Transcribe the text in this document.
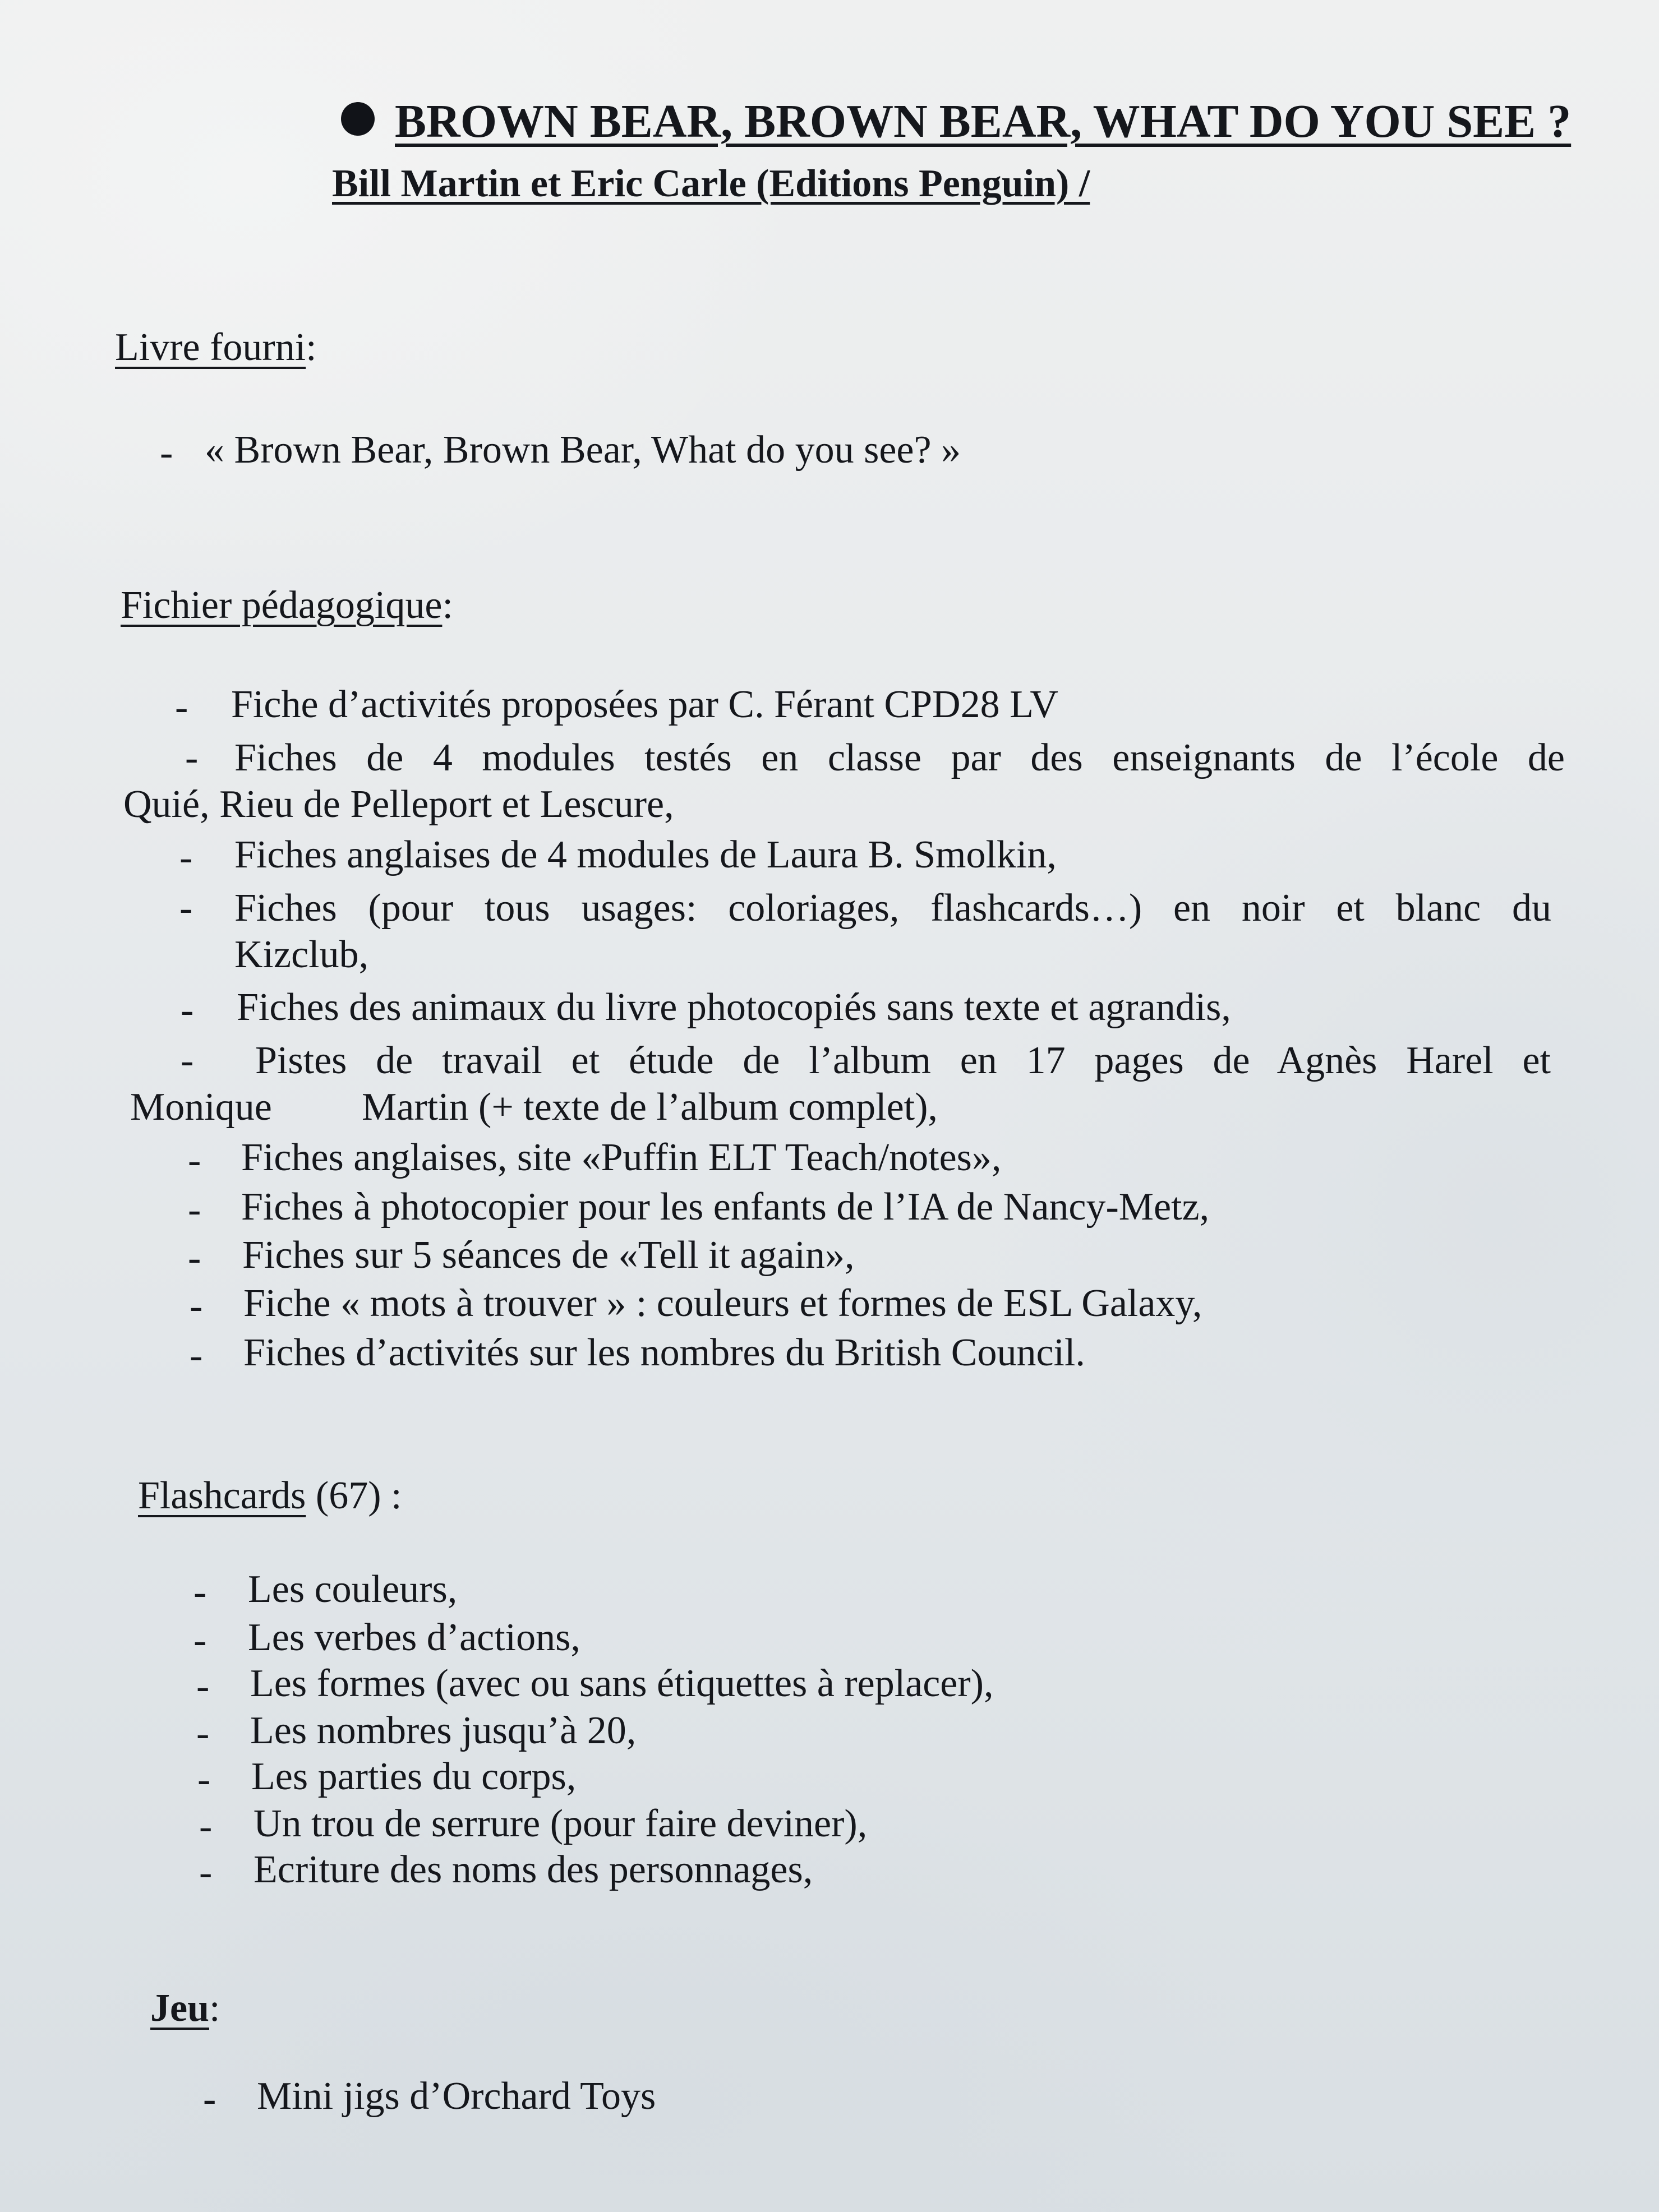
BROWN BEAR, BROWN BEAR, WHAT DO YOU SEE ?
Bill Martin et Eric Carle (Editions Penguin) /
Livre fourni:
- « Brown Bear, Brown Bear, What do you see? »
Fichier pédagogique:
- Fiche d’activités proposées par C. Férant CPD28 LV
- Fiches de 4 modules testés en classe par des enseignants de l’école de
Quié, Rieu de Pelleport et Lescure,
- Fiches anglaises de 4 modules de Laura B. Smolkin,
- Fiches (pour tous usages: coloriages, flashcards…) en noir et blanc du
Kizclub,
- Fiches des animaux du livre photocopiés sans texte et agrandis,
- Pistes de travail et étude de l’album en 17 pages de Agnès Harel et
Monique Martin (+ texte de l’album complet),
- Fiches anglaises, site «Puffin ELT Teach/notes»,
- Fiches à photocopier pour les enfants de l’IA de Nancy-Metz,
- Fiches sur 5 séances de «Tell it again»,
- Fiche « mots à trouver » : couleurs et formes de ESL Galaxy,
- Fiches d’activités sur les nombres du British Council.
Flashcards (67) :
- Les couleurs,
- Les verbes d’actions,
- Les formes (avec ou sans étiquettes à replacer),
- Les nombres jusqu’à 20,
- Les parties du corps,
- Un trou de serrure (pour faire deviner),
- Ecriture des noms des personnages,
Jeu:
- Mini jigs d’Orchard Toys
